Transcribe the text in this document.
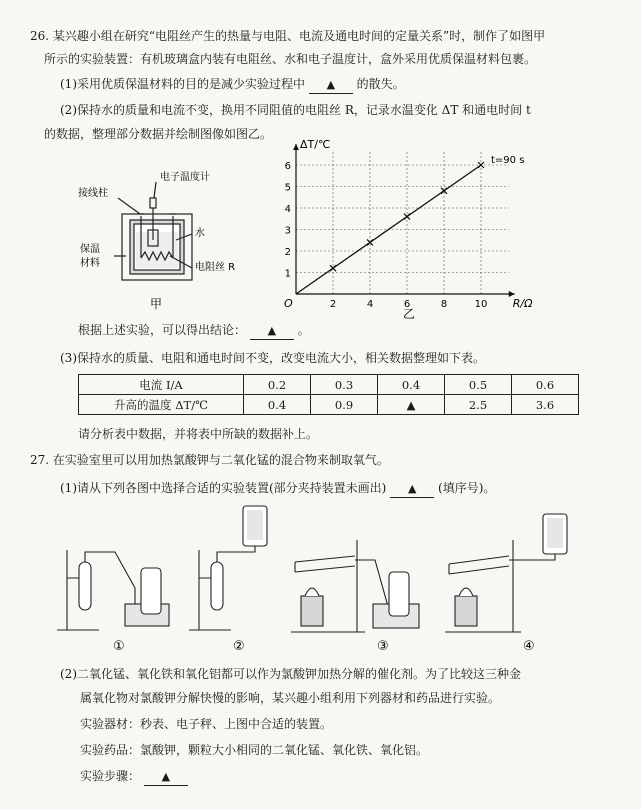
26. 某兴趣小组在研究“电阻丝产生的热量与电阻、电流及通电时间的定量关系”时，制作了如图甲
所示的实验装置：有机玻璃盒内装有电阻丝、水和电子温度计，盒外采用优质保温材料包裹。
(1)采用优质保温材料的目的是减少实验过程中 ▲ 的散失。
(2)保持水的质量和电流不变，换用不同阻值的电阻丝 R，记录水温变化 ΔT 和通电时间 t
的数据，整理部分数据并绘制图像如图乙。
电子温度计
接线柱
水
保温
材料	电阻丝 R
甲	2	4	6	8	10
1
2
3
4
5
6
ΔT/℃
R/Ω
O
t=90 s
乙
根据上述实验，可以得出结论： ▲ 。
(3)保持水的质量、电阻和通电时间不变，改变电流大小，相关数据整理如下表。
电流 I/A	0.2	0.3	0.4	0.5	0.6
升高的温度 ΔT/℃	0.4	0.9	▲	2.5	3.6
请分析表中数据，并将表中所缺的数据补上。
27. 在实验室里可以用加热氯酸钾与二氧化锰的混合物来制取氧气。
(1)请从下列各图中选择合适的实验装置(部分夹持装置未画出) ▲ (填序号)。
①	②	③	④
(2)二氧化锰、氧化铁和氧化铝都可以作为氯酸钾加热分解的催化剂。为了比较这三种金
属氧化物对氯酸钾分解快慢的影响，某兴趣小组利用下列器材和药品进行实验。
实验器材：秒表、电子秤、上图中合适的装置。
实验药品：氯酸钾，颗粒大小相同的二氧化锰、氧化铁、氧化铝。
实验步骤： ▲
